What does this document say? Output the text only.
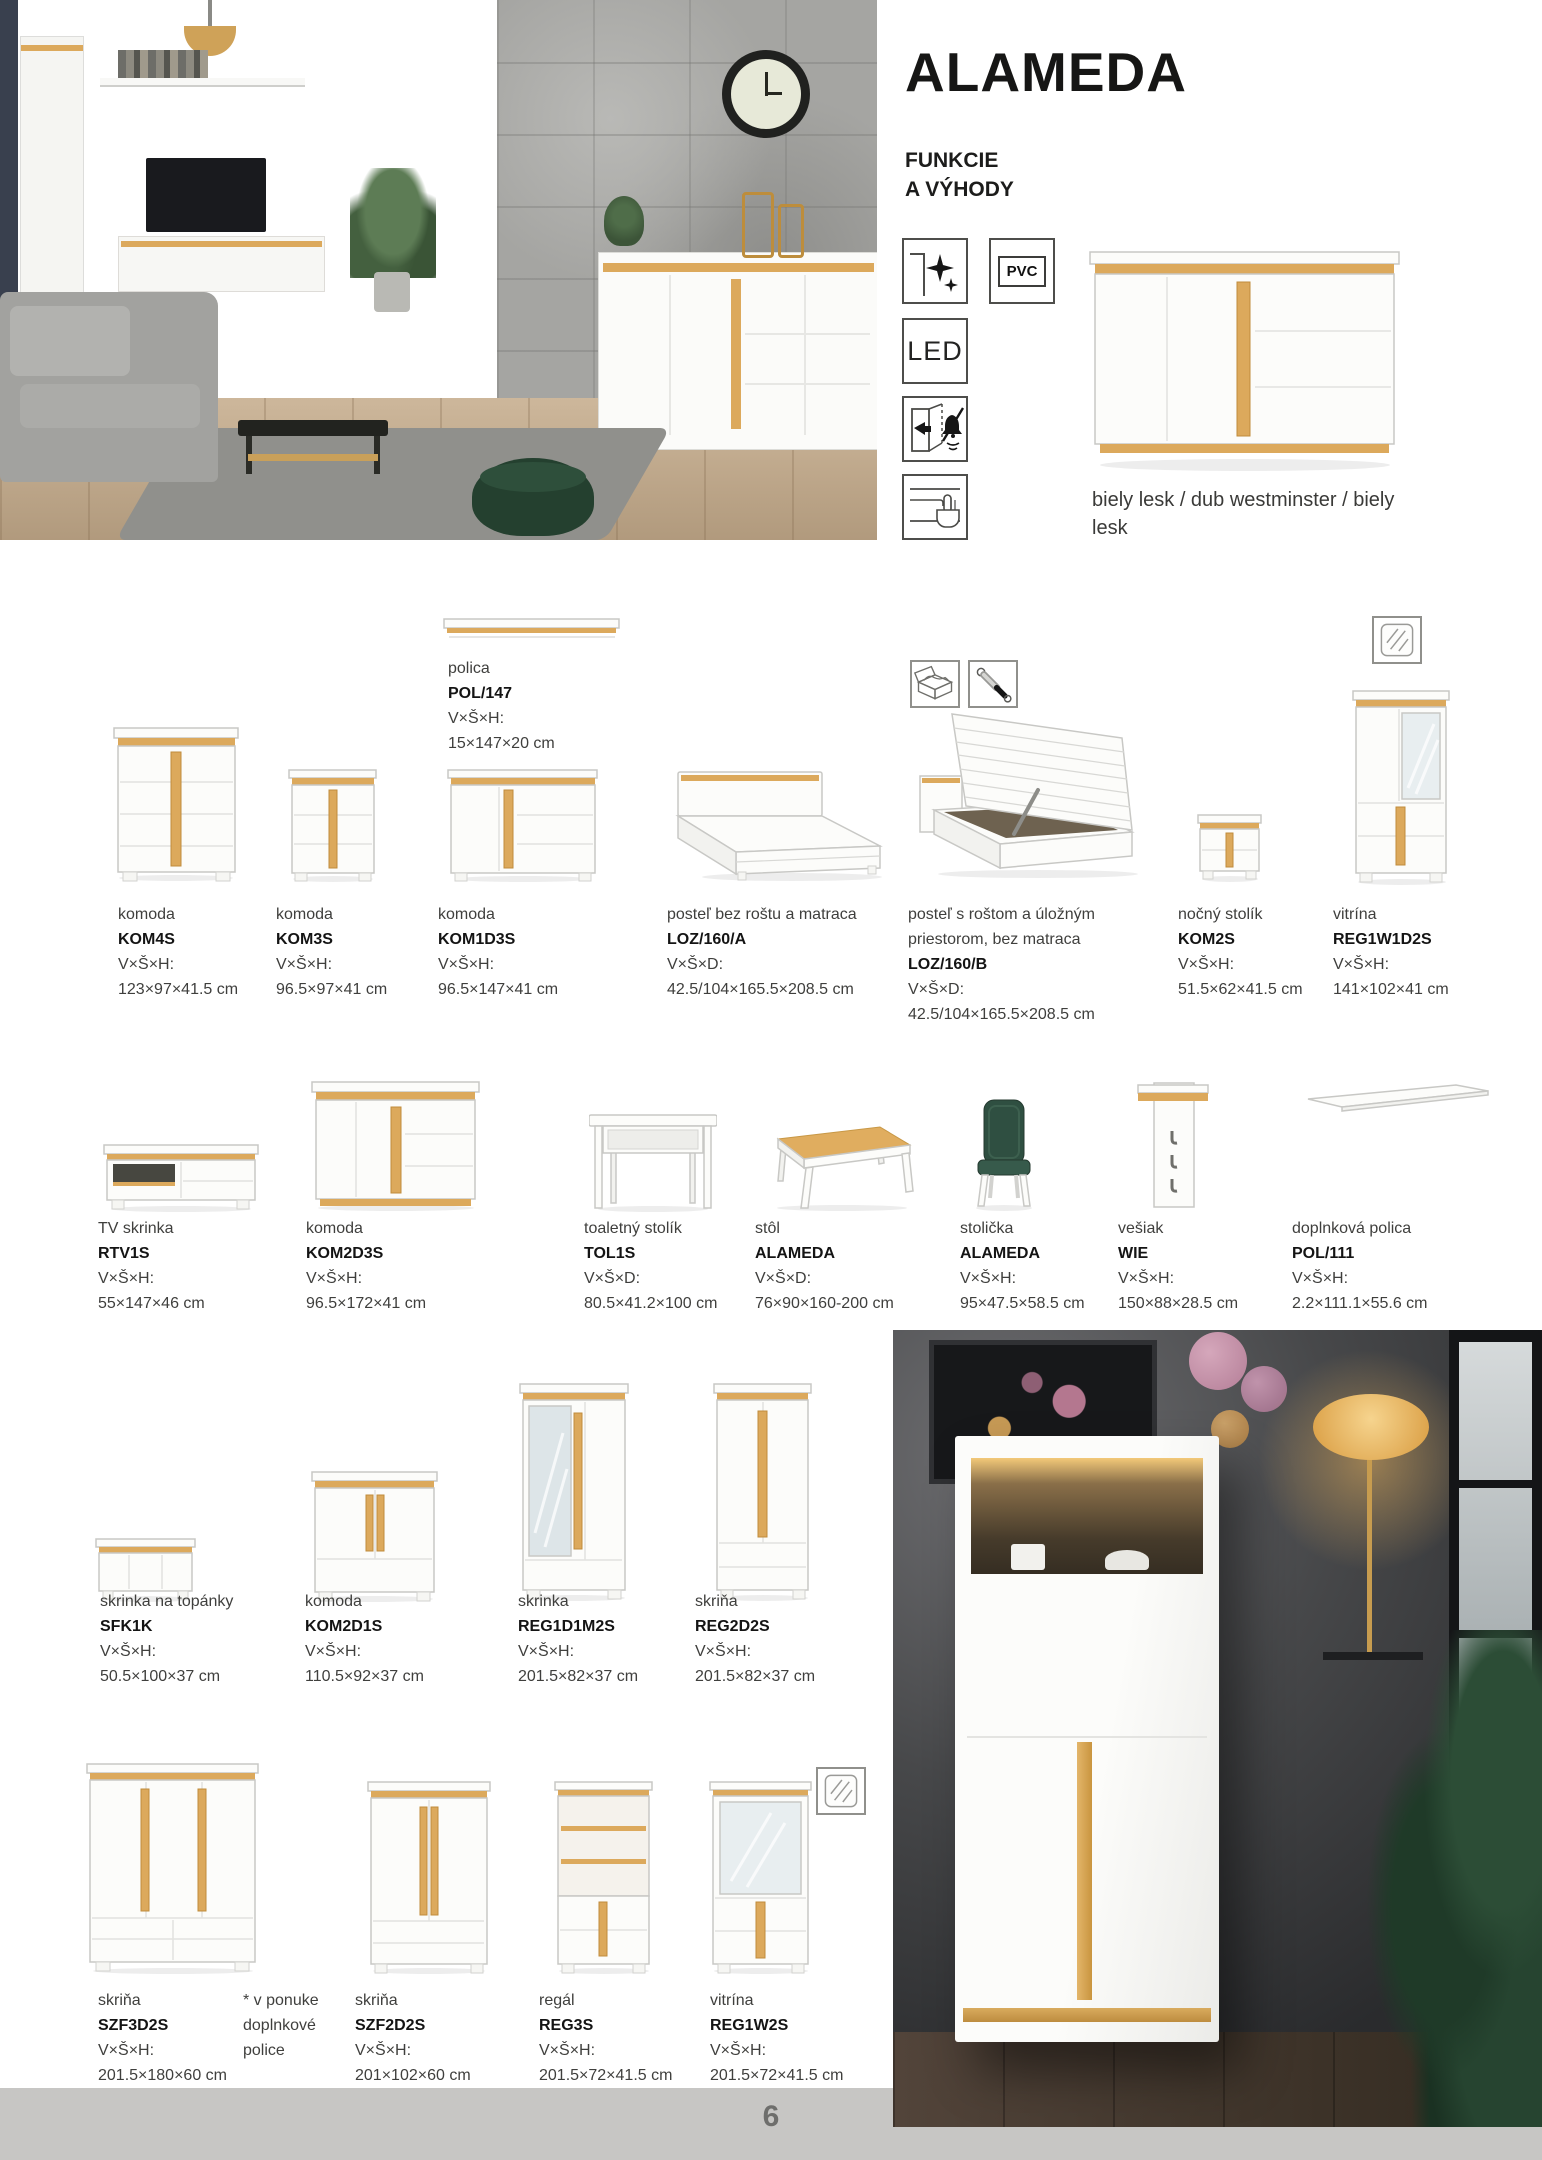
ALAMEDA
FUNKCIE
A VÝHODY
PVC
LED
biely lesk / dub westminster / biely lesk
polica
POL/147
V×Š×H:
15×147×20 cm
komoda
KOM4S
V×Š×H:
123×97×41.5 cm
komoda
KOM3S
V×Š×H:
96.5×97×41 cm
komoda
KOM1D3S
V×Š×H:
96.5×147×41 cm
posteľ bez roštu a matraca
LOZ/160/A
V×Š×D:
42.5/104×165.5×208.5 cm
posteľ s roštom a úložným priestorom, bez matraca
LOZ/160/B
V×Š×D:
42.5/104×165.5×208.5 cm
nočný stolík
KOM2S
V×Š×H:
51.5×62×41.5 cm
vitrína
REG1W1D2S
V×Š×H:
141×102×41 cm
TV skrinka
RTV1S
V×Š×H:
55×147×46 cm
komoda
KOM2D3S
V×Š×H:
96.5×172×41 cm
toaletný stolík
TOL1S
V×Š×D:
80.5×41.2×100 cm
stôl
ALAMEDA
V×Š×D:
76×90×160-200 cm
stolička
ALAMEDA
V×Š×H:
95×47.5×58.5 cm
vešiak
WIE
V×Š×H:
150×88×28.5 cm
doplnková polica
POL/111
V×Š×H:
2.2×111.1×55.6 cm
skrinka na topánky
SFK1K
V×Š×H:
50.5×100×37 cm
komoda
KOM2D1S
V×Š×H:
110.5×92×37 cm
skrinka
REG1D1M2S
V×Š×H:
201.5×82×37 cm
skriňa
REG2D2S
V×Š×H:
201.5×82×37 cm
skriňa
SZF3D2S
V×Š×H:
201.5×180×60 cm
* v ponuke doplnkové police
skriňa
SZF2D2S
V×Š×H:
201×102×60 cm
regál
REG3S
V×Š×H:
201.5×72×41.5 cm
vitrína
REG1W2S
V×Š×H:
201.5×72×41.5 cm
6
